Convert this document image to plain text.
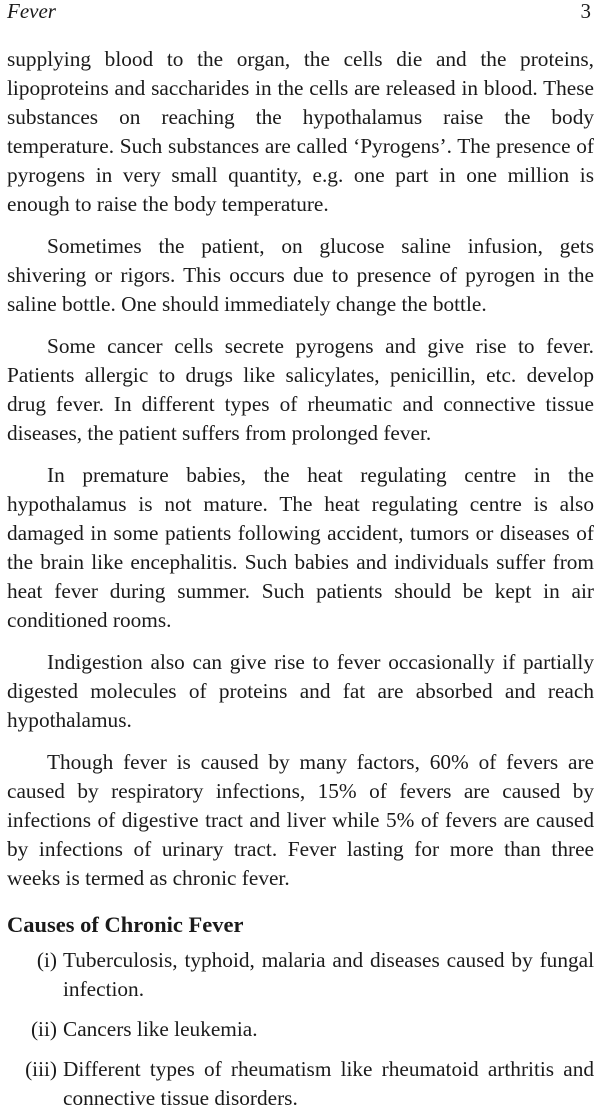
Fever	3

supplying blood to the organ, the cells die and the proteins, lipoproteins and saccharides in the cells are released in blood. These substances on reaching the hypothalamus raise the body temperature. Such substances are called ‘Pyrogens’. The presence of pyrogens in very small quantity, e.g. one part in one million is enough to raise the body temperature.

Sometimes the patient, on glucose saline infusion, gets shivering or rigors. This occurs due to presence of pyrogen in the saline bottle. One should immediately change the bottle.

Some cancer cells secrete pyrogens and give rise to fever. Patients allergic to drugs like salicylates, penicillin, etc. develop drug fever. In different types of rheumatic and connective tissue diseases, the patient suffers from prolonged fever.

In premature babies, the heat regulating centre in the hypothalamus is not mature. The heat regulating centre is also damaged in some patients following accident, tumors or diseases of the brain like encephalitis. Such babies and individuals suffer from heat fever during summer. Such patients should be kept in air conditioned rooms.

Indigestion also can give rise to fever occasionally if partially digested molecules of proteins and fat are absorbed and reach hypothalamus.

Though fever is caused by many factors, 60% of fevers are caused by respiratory infections, 15% of fevers are caused by infections of digestive tract and liver while 5% of fevers are caused by infections of urinary tract. Fever lasting for more than three weeks is termed as chronic fever.

Causes of Chronic Fever
(i) Tuberculosis, typhoid, malaria and diseases caused by fungal infection.
(ii) Cancers like leukemia.
(iii) Different types of rheumatism like rheumatoid arthritis and connective tissue disorders.
